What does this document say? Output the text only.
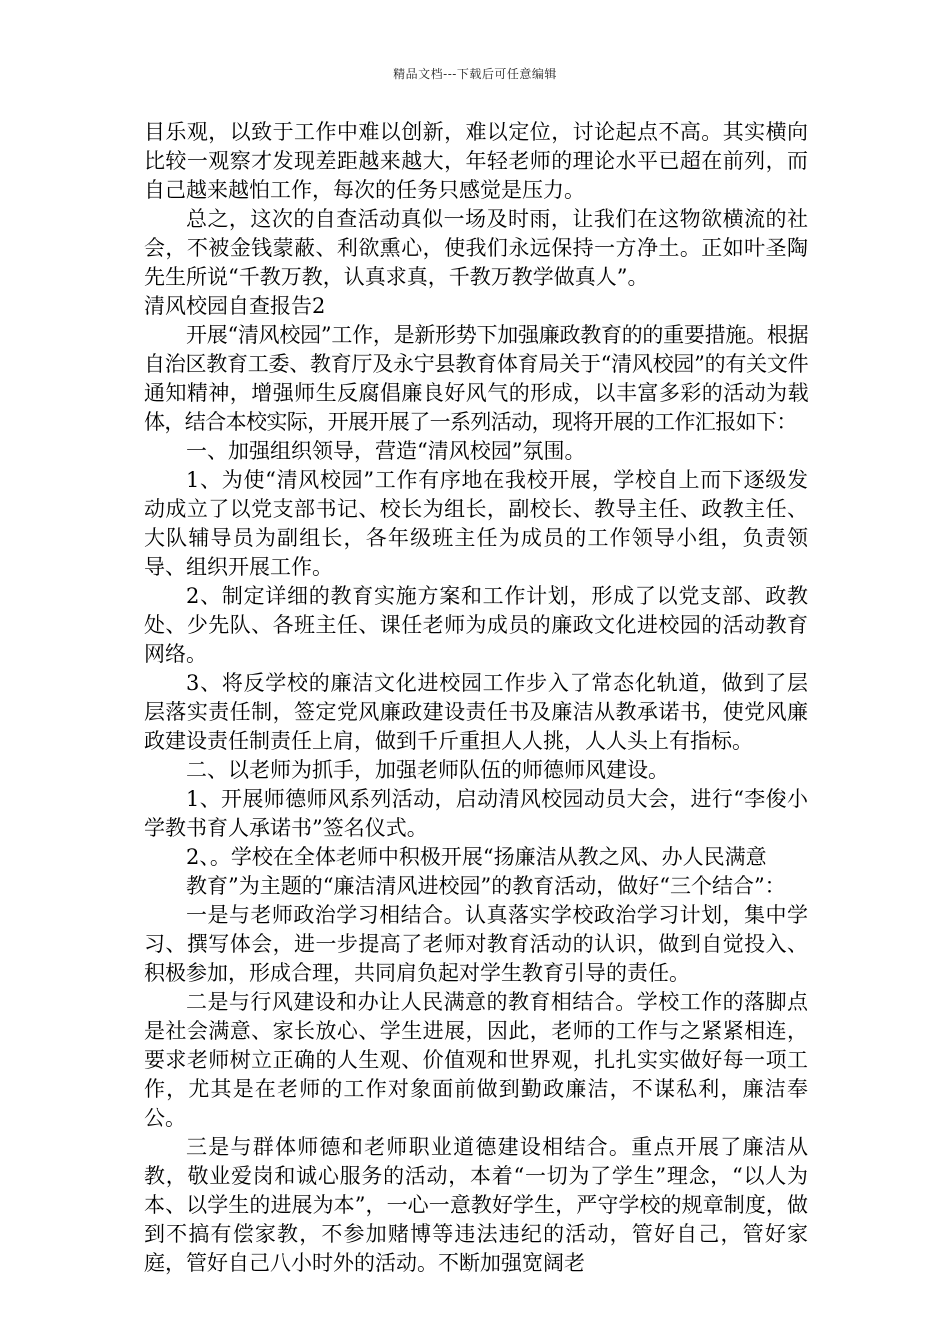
精品文档---下载后可任意编辑

目乐观，以致于工作中难以创新，难以定位，讨论起点不高。其实横向比较一观察才发现差距越来越大，年轻老师的理论水平已超在前列，而自己越来越怕工作，每次的任务只感觉是压力。

总之，这次的自查活动真似一场及时雨，让我们在这物欲横流的社会，不被金钱蒙蔽、利欲熏心，使我们永远保持一方净土。正如叶圣陶先生所说“千教万教，认真求真，千教万教学做真人”。

清风校园自查报告2

开展“清风校园”工作，是新形势下加强廉政教育的的重要措施。根据自治区教育工委、教育厅及永宁县教育体育局关于“清风校园”的有关文件通知精神，增强师生反腐倡廉良好风气的形成，以丰富多彩的活动为载体，结合本校实际，开展开展了一系列活动，现将开展的工作汇报如下：

一、加强组织领导，营造“清风校园”氛围。

1、为使“清风校园”工作有序地在我校开展，学校自上而下逐级发动成立了以党支部书记、校长为组长，副校长、教导主任、政教主任、大队辅导员为副组长，各年级班主任为成员的工作领导小组，负责领导、组织开展工作。

2、制定详细的教育实施方案和工作计划，形成了以党支部、政教处、少先队、各班主任、课任老师为成员的廉政文化进校园的活动教育网络。

3、将反学校的廉洁文化进校园工作步入了常态化轨道，做到了层层落实责任制，签定党风廉政建设责任书及廉洁从教承诺书，使党风廉政建设责任制责任上肩，做到千斤重担人人挑，人人头上有指标。

二、以老师为抓手，加强老师队伍的师德师风建设。

1、开展师德师风系列活动，启动清风校园动员大会，进行“李俊小学教书育人承诺书”签名仪式。

2、。学校在全体老师中积极开展“扬廉洁从教之风、办人民满意

教育”为主题的“廉洁清风进校园”的教育活动，做好“三个结合”：

一是与老师政治学习相结合。认真落实学校政治学习计划，集中学习、撰写体会，进一步提高了老师对教育活动的认识，做到自觉投入、积极参加，形成合理，共同肩负起对学生教育引导的责任。

二是与行风建设和办让人民满意的教育相结合。学校工作的落脚点是社会满意、家长放心、学生进展，因此，老师的工作与之紧紧相连，要求老师树立正确的人生观、价值观和世界观，扎扎实实做好每一项工作，尤其是在老师的工作对象面前做到勤政廉洁，不谋私利，廉洁奉公。

三是与群体师德和老师职业道德建设相结合。重点开展了廉洁从教，敬业爱岗和诚心服务的活动，本着“一切为了学生”理念，“以人为本、以学生的进展为本”，一心一意教好学生，严守学校的规章制度，做到不搞有偿家教，不参加赌博等违法违纪的活动，管好自己，管好家庭，管好自己八小时外的活动。不断加强宽阔老
